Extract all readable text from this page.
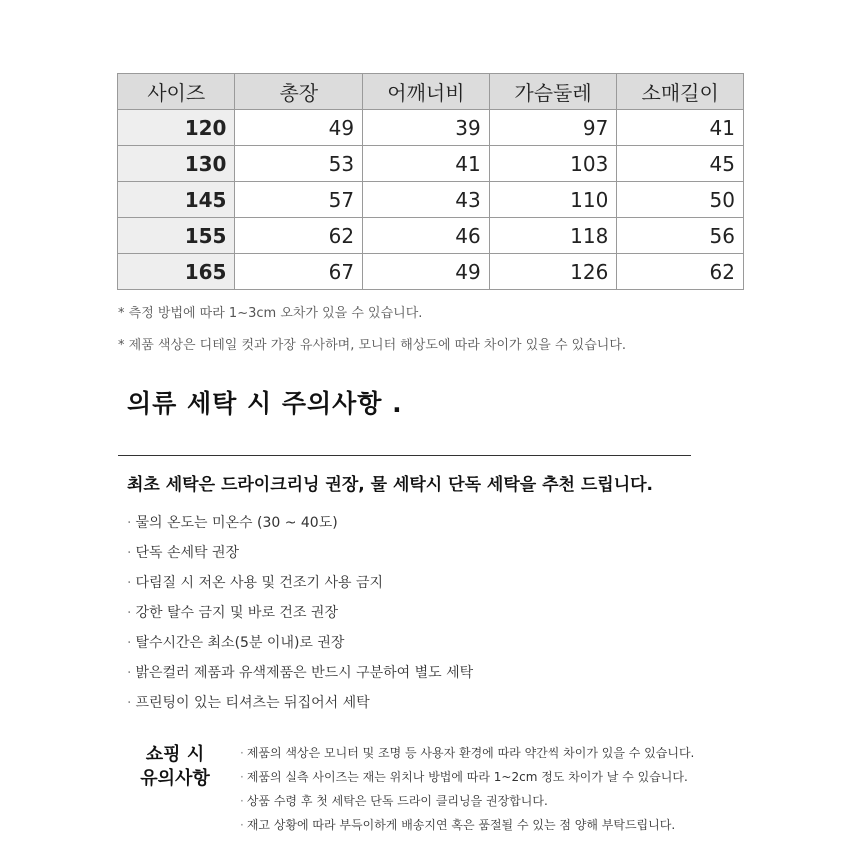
사이즈	총장	어깨너비	가슴둘레	소매길이
120	49	39	97	41
130	53	41	103	45
145	57	43	110	50
155	62	46	118	56
165	67	49	126	62

* 측정 방법에 따라 1~3cm 오차가 있을 수 있습니다.

* 제품 색상은 디테일 컷과 가장 유사하며, 모니터 해상도에 따라 차이가 있을 수 있습니다.

의류 세탁 시 주의사항 .
최초 세탁은 드라이크리닝 권장, 물 세탁시 단독 세탁을 추천 드립니다.
· 물의 온도는 미온수 (30 ~ 40도)
· 단독 손세탁 권장
· 다림질 시 저온 사용 및 건조기 사용 금지
· 강한 탈수 금지 및 바로 건조 권장
· 탈수시간은 최소(5분 이내)로 권장
· 밝은컬러 제품과 유색제품은 반드시 구분하여 별도 세탁
· 프린팅이 있는 티셔츠는 뒤집어서 세탁
쇼핑 시
유의사항
· 제품의 색상은 모니터 및 조명 등 사용자 환경에 따라 약간씩 차이가 있을 수 있습니다.
· 제품의 실측 사이즈는 재는 위치나 방법에 따라 1~2cm 정도 차이가 날 수 있습니다.
· 상품 수령 후 첫 세탁은 단독 드라이 클리닝을 권장합니다.
· 재고 상황에 따라 부득이하게 배송지연 혹은 품절될 수 있는 점 양해 부탁드립니다.
